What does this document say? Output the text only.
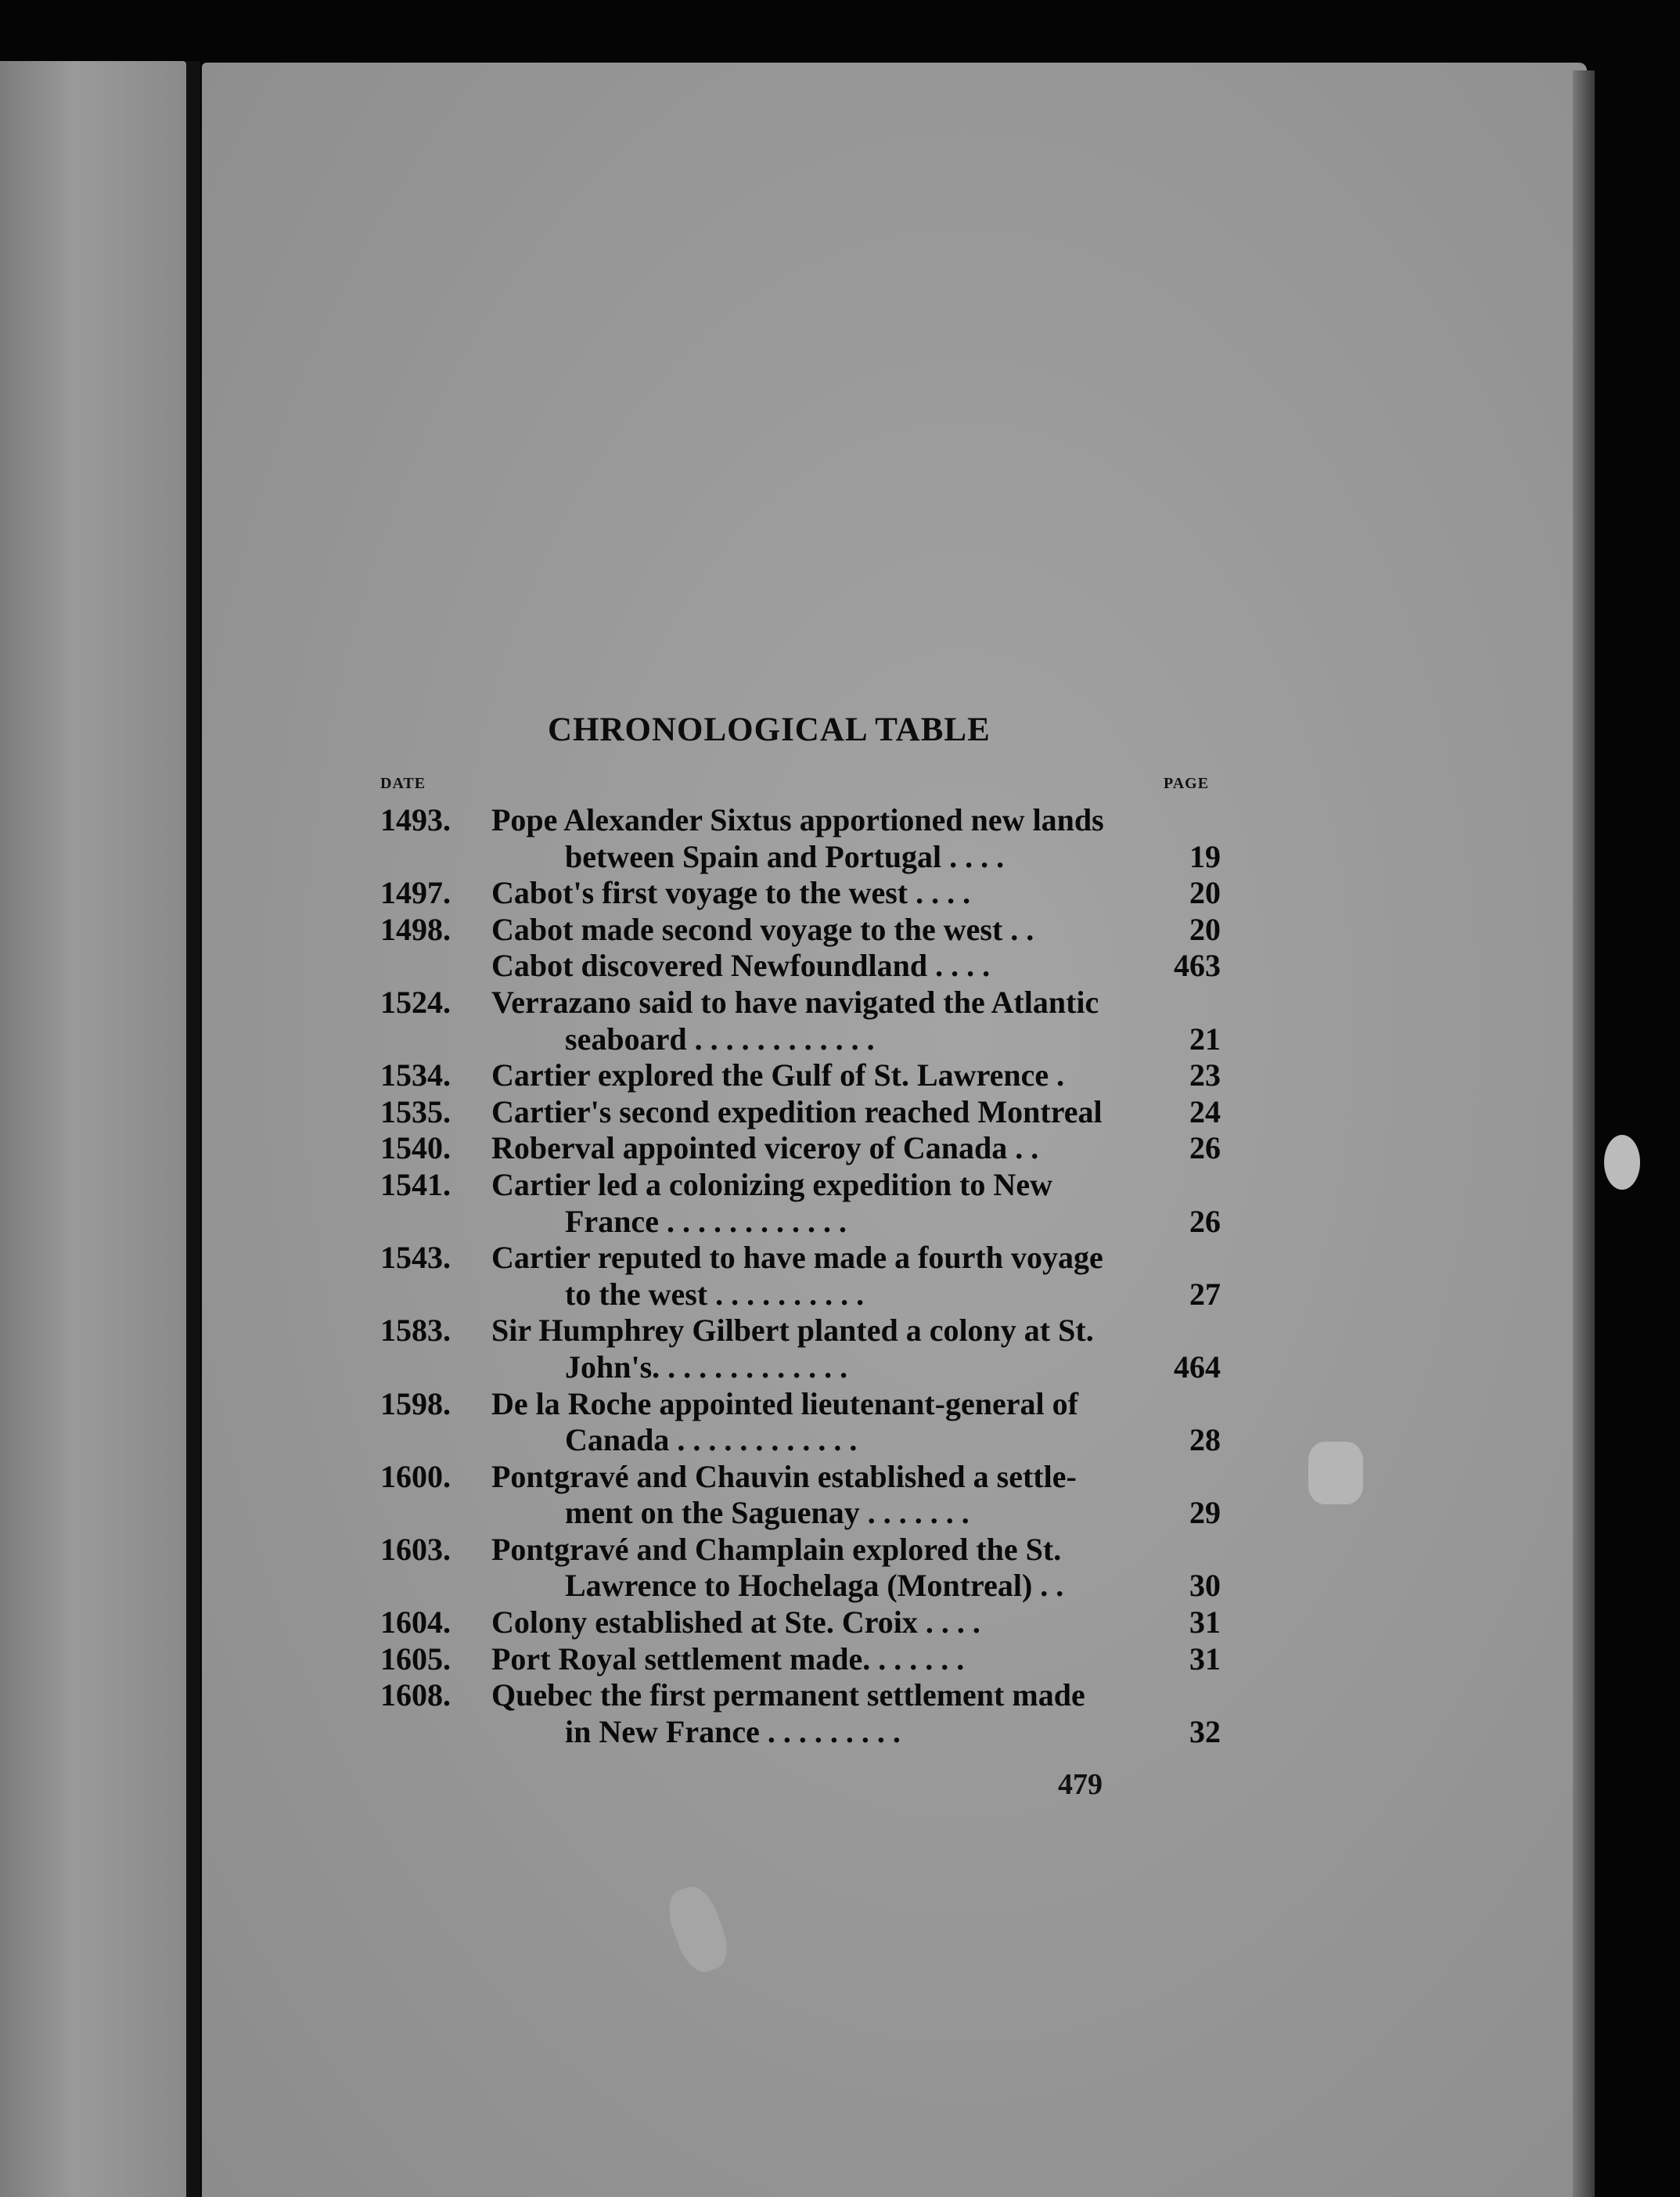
CHRONOLOGICAL TABLE
DATE	PAGE
1493.	Pope Alexander Sixtus apportioned new lands
between Spain and Portugal . . . .	19
1497.	Cabot's first voyage to the west . . . .	20
1498.	Cabot made second voyage to the west . .	20
Cabot discovered Newfoundland . . . .	463
1524.	Verrazano said to have navigated the Atlantic
seaboard . . . . . . . . . . . .	21
1534.	Cartier explored the Gulf of St. Lawrence .	23
1535.	Cartier's second expedition reached Montreal	24
1540.	Roberval appointed viceroy of Canada . .	26
1541.	Cartier led a colonizing expedition to New
France . . . . . . . . . . . .	26
1543.	Cartier reputed to have made a fourth voyage
to the west . . . . . . . . . .	27
1583.	Sir Humphrey Gilbert planted a colony at St.
John's. . . . . . . . . . . . .	464
1598.	De la Roche appointed lieutenant-general of
Canada . . . . . . . . . . . .	28
1600.	Pontgravé and Chauvin established a settle-
ment on the Saguenay . . . . . . .	29
1603.	Pontgravé and Champlain explored the St.
Lawrence to Hochelaga (Montreal) . .	30
1604.	Colony established at Ste. Croix . . . .	31
1605.	Port Royal settlement made. . . . . . .	31
1608.	Quebec the first permanent settlement made
in New France . . . . . . . . .	32
479
